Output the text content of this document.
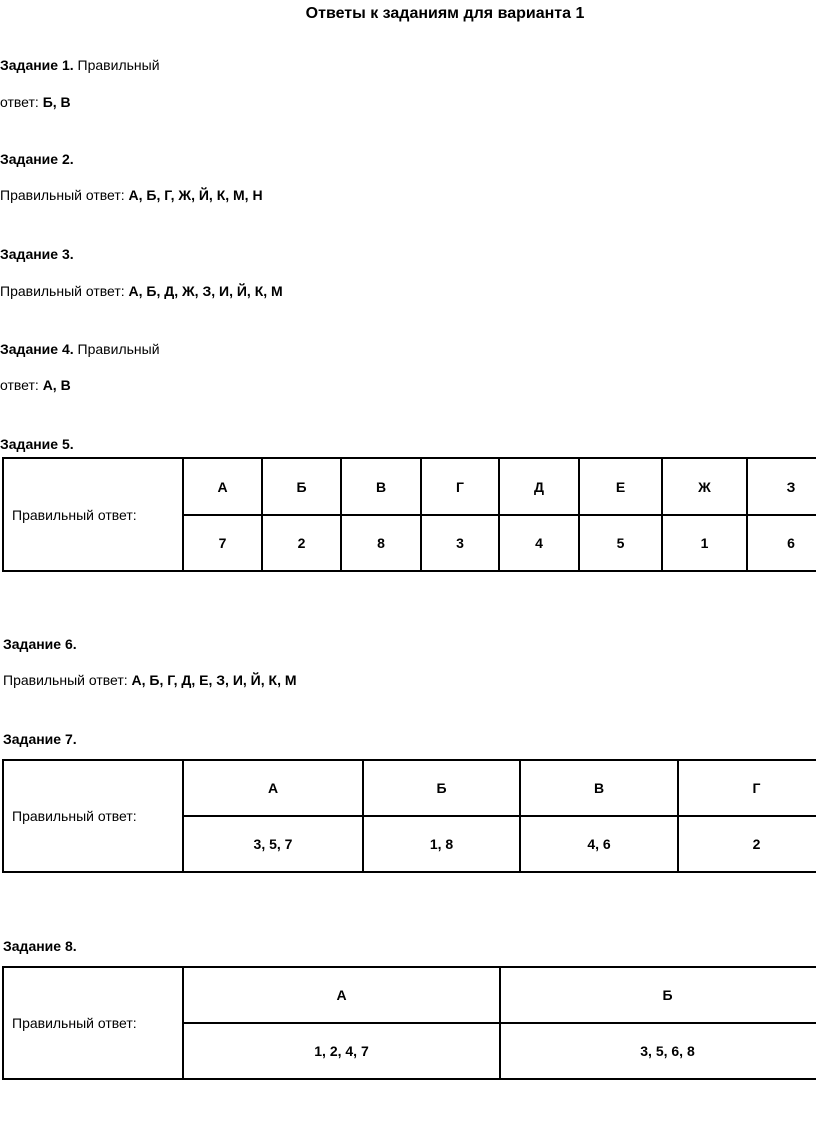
Ответы к заданиям для варианта 1
Задание 1. Правильный
ответ: Б, В
Задание 2.
Правильный ответ: А, Б, Г, Ж, Й, К, М, Н
Задание 3.
Правильный ответ: А, Б, Д, Ж, З, И, Й, К, М
Задание 4. Правильный
ответ: А, В
Задание 5.
Правильный ответ:	А	Б	В	Г	Д	Е	Ж	З
	7	2	8	3	4	5	1	6
Задание 6.
Правильный ответ: А, Б, Г, Д, Е, З, И, Й, К, М
Задание 7.
Правильный ответ:	А	Б	В	Г
	3, 5, 7	1, 8	4, 6	2
Задание 8.
Правильный ответ:	А	Б
	1, 2, 4, 7	3, 5, 6, 8
